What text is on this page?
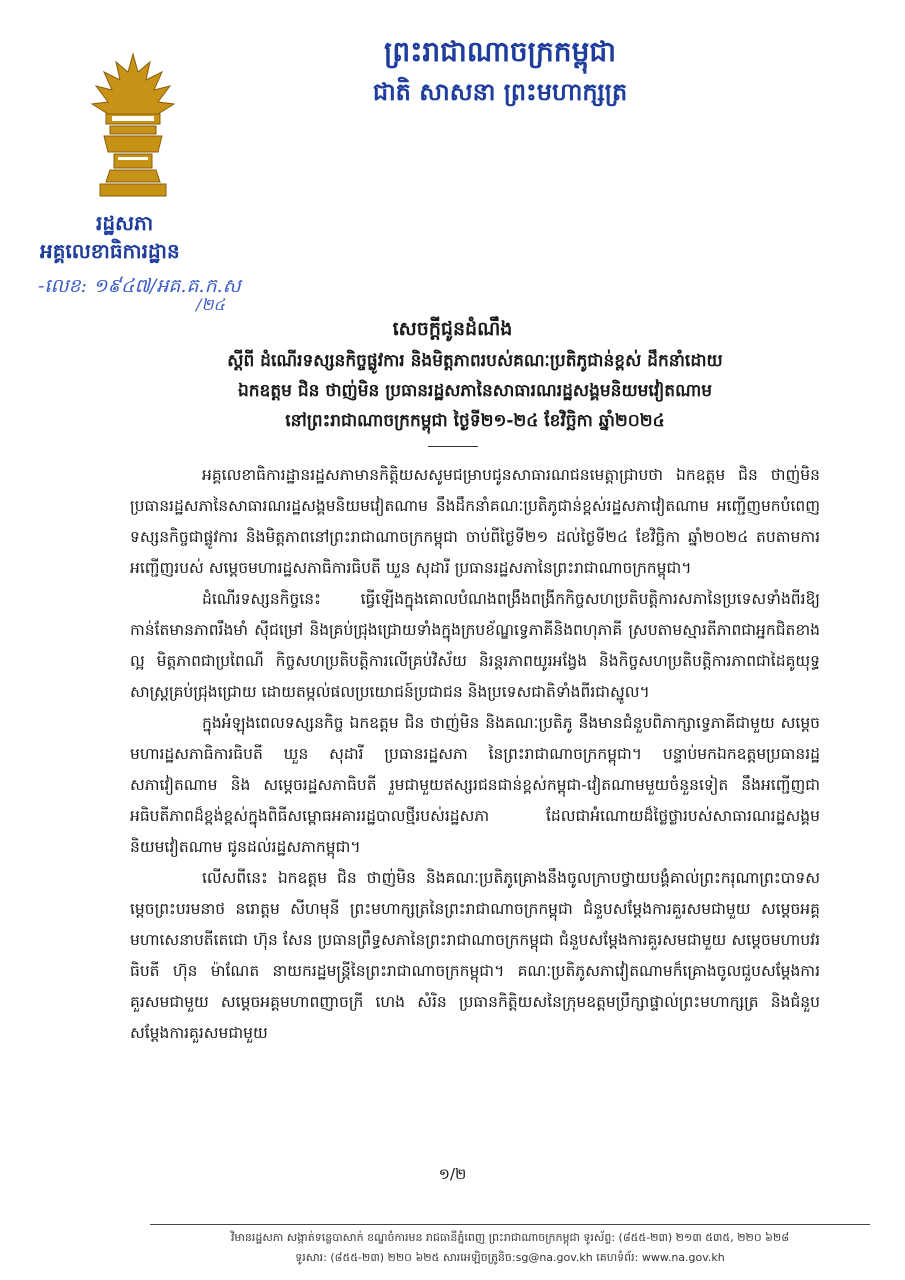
ព្រះរាជាណាចក្រកម្ពុជា
ជាតិ សាសនា ព្រះមហាក្សត្រ
រដ្ឋសភា
អគ្គលេខាធិការដ្ឋាន
-លេខ: ១៩៤៧/អគ.គ.ក.ស
/២៤
សេចក្តីជូនដំណឹង
ស្តីពី ដំណើរទស្សនកិច្ចផ្លូវការ និងមិត្តភាពរបស់គណៈប្រតិភូជាន់ខ្ពស់ ដឹកនាំដោយ
ឯកឧត្តម ជិន ថាញ់មិន ប្រធានរដ្ឋសភានៃសាធារណរដ្ឋសង្គមនិយមវៀតណាម
នៅព្រះរាជាណាចក្រកម្ពុជា ថ្ងៃទី២១-២៤ ខែវិច្ឆិកា ឆ្នាំ២០២៤

អគ្គលេខាធិការដ្ឋានរដ្ឋសភាមានកិត្តិយសសូមជម្រាបជូនសាធារណជនមេត្តាជ្រាបថា ឯកឧត្តម ជិន ថាញ់មិន ប្រធានរដ្ឋសភានៃសាធារណរដ្ឋសង្គមនិយមវៀតណាម នឹងដឹកនាំគណៈប្រតិភូជាន់ខ្ពស់រដ្ឋសភាវៀតណាម អញ្ជើញមកបំពេញទស្សនកិច្ចជាផ្លូវការ និងមិត្តភាពនៅព្រះរាជាណាចក្រកម្ពុជា ចាប់ពីថ្ងៃទី២១ ដល់ថ្ងៃទី២៤ ខែវិច្ឆិកា ឆ្នាំ២០២៤ តបតាមការអញ្ជើញរបស់ សម្តេចមហារដ្ឋសភាធិការធិបតី ឃួន សុដារី ប្រធានរដ្ឋសភានៃព្រះរាជាណាចក្រកម្ពុជា។

ដំណើរទស្សនកិច្ចនេះ ធ្វើឡើងក្នុងគោលបំណងពង្រឹងពង្រីកកិច្ចសហប្រតិបត្តិការសភានៃប្រទេសទាំងពីរឱ្យកាន់តែមានភាពរឹងមាំ ស៊ីជម្រៅ និងគ្រប់ជ្រុងជ្រោយទាំងក្នុងក្របខ័ណ្ឌទ្វេភាគីនិងពហុភាគី ស្របតាមស្មារតីភាពជាអ្នកជិតខាងល្អ មិត្តភាពជាប្រពៃណី កិច្ចសហប្រតិបត្តិការលើគ្រប់វិស័យ និរន្តរភាពយូរអង្វែង និងកិច្ចសហប្រតិបត្តិការភាពជាដៃគូយុទ្ធសាស្ត្រគ្រប់ជ្រុងជ្រោយ ដោយតម្កល់ផលប្រយោជន៍ប្រជាជន និងប្រទេសជាតិទាំងពីរជាស្នូល។

ក្នុងអំឡុងពេលទស្សនកិច្ច ឯកឧត្តម ជិន ថាញ់មិន និងគណៈប្រតិភូ នឹងមានជំនួបពិភាក្សាទ្វេភាគីជាមួយ សម្តេចមហារដ្ឋសភាធិការធិបតី ឃួន សុដារី ប្រធានរដ្ឋសភា នៃព្រះរាជាណាចក្រកម្ពុជា។ បន្ទាប់មកឯកឧត្តមប្រធានរដ្ឋសភាវៀតណាម និង សម្តេចរដ្ឋសភាធិបតី រួមជាមួយឥស្សរជនជាន់ខ្ពស់កម្ពុជា-វៀតណាមមួយចំនួនទៀត នឹងអញ្ជើញជាអធិបតីភាពដ៏ខ្ពង់ខ្ពស់ក្នុងពិធីសម្ពោធអគាររដ្ឋបាលថ្មីរបស់រដ្ឋសភា ដែលជាអំណោយដ៏ថ្លៃថ្លារបស់សាធារណរដ្ឋសង្គមនិយមវៀតណាម ជូនដល់រដ្ឋសភាកម្ពុជា។

លើសពីនេះ ឯកឧត្តម ជិន ថាញ់មិន និងគណៈប្រតិភូគ្រោងនឹងចូលក្រាបថ្វាយបង្គំគាល់ព្រះករុណាព្រះបាទសម្តេចព្រះបរមនាថ នរោត្តម សីហមុនី ព្រះមហាក្សត្រនៃព្រះរាជាណាចក្រកម្ពុជា ជំនួបសម្តែងការគួរសមជាមួយ សម្តេចអគ្គមហាសេនាបតីតេជោ ហ៊ុន សែន ប្រធានព្រឹទ្ធសភានៃព្រះរាជាណាចក្រកម្ពុជា ជំនួបសម្តែងការគួរសមជាមួយ សម្តេចមហាបវរធិបតី ហ៊ុន ម៉ាណែត នាយករដ្ឋមន្ត្រីនៃព្រះរាជាណាចក្រកម្ពុជា។ គណៈប្រតិភូសភាវៀតណាមក៏គ្រោងចូលជួបសម្តែងការគួរសមជាមួយ សម្តេចអគ្គមហាពញាចក្រី ហេង សំរិន ប្រធានកិត្តិយសនៃក្រុមឧត្តមប្រឹក្សាផ្ទាល់ព្រះមហាក្សត្រ និងជំនួបសម្តែងការគួរសមជាមួយ

១/២
វិមានរដ្ឋសភា សង្កាត់ទន្លេបាសាក់ ខណ្ឌចំការមន រាជធានីភ្នំពេញ ព្រះរាជាណាចក្រកម្ពុជា ទូរស័ព្ទ: (៨៥៥-២៣) ២១៣ ៥៣៥, ២២០ ៦២៨
ទូរសារ: (៨៥៥-២៣) ២២០ ៦២៥ សារអេឡិចត្រូនិច:sg@na.gov.kh គេហទំព័រ: www.na.gov.kh
